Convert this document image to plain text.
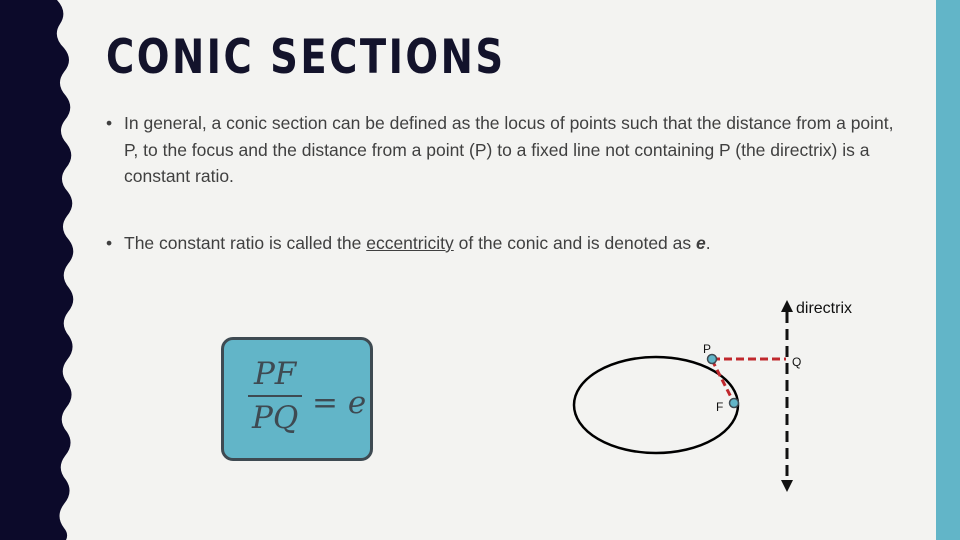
CONIC SECTIONS
• In general, a conic section can be defined as the locus of points such that the distance from a point, P, to the focus and the distance from a point (P) to a fixed line not containing P (the directrix) is a constant ratio.
• The constant ratio is called the eccentricity of the conic and is denoted as e.
$\frac{PF}{PQ} = e$
directrix
P
Q
F
